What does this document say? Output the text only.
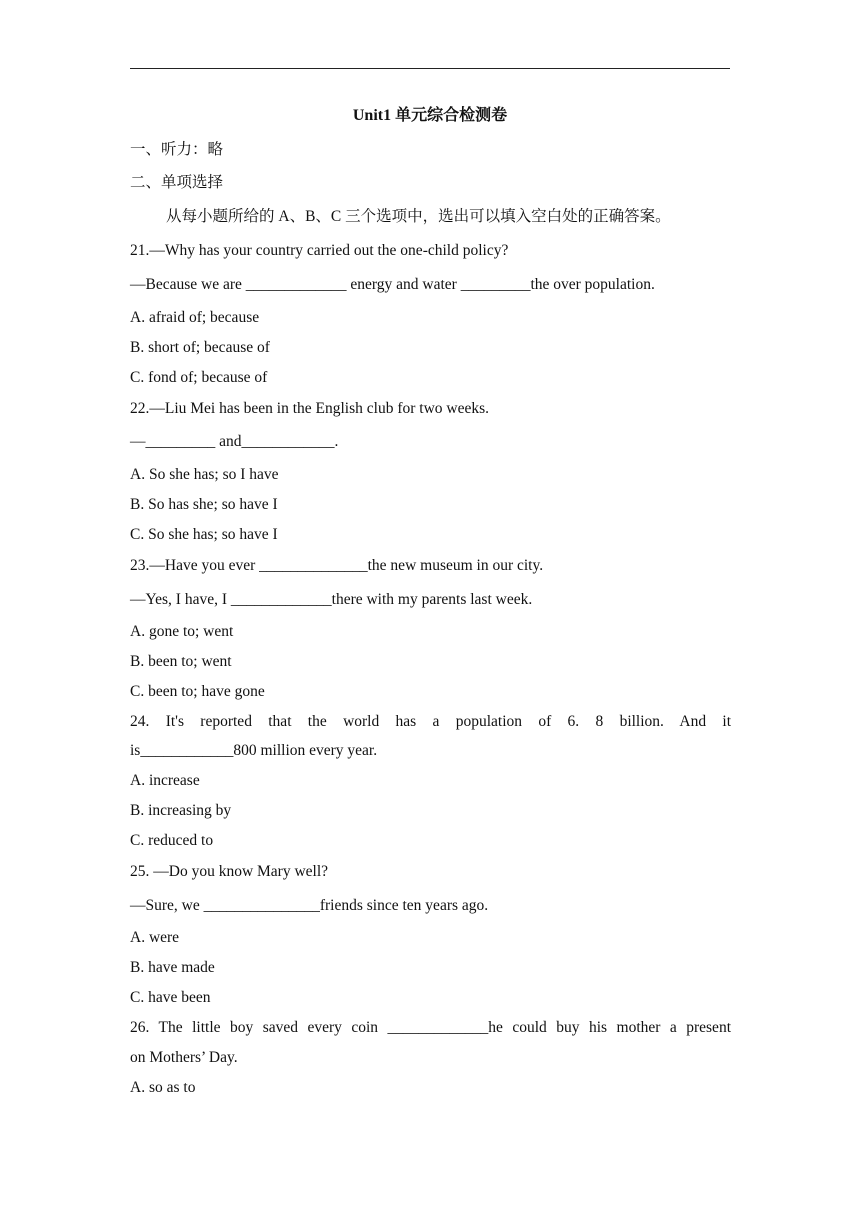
Unit1 单元综合检测卷
一、听力：略
二、单项选择
从每小题所给的 A、B、C 三个选项中，选出可以填入空白处的正确答案。
21.—Why has your country carried out the one-child policy?
—Because we are _____________ energy and water _________the over population.
A. afraid of; because
B. short of; because of
C. fond of; because of
22.—Liu Mei has been in the English club for two weeks.
—_________ and____________.
A. So she has; so I have
B. So has she; so have I
C. So she has; so have I
23.—Have you ever ______________the new museum in our city.
—Yes, I have, I _____________there with my parents last week.
A. gone to; went
B. been to; went
C. been to; have gone
24. It's reported that the world has a population of 6. 8 billion. And it
is____________800 million every year.
A. increase
B. increasing by
C. reduced to
25. —Do you know Mary well?
—Sure, we _______________friends since ten years ago.
A. were
B. have made
C. have been
26. The little boy saved every coin _____________he could buy his mother a present
on Mothers’ Day.
A. so as to
